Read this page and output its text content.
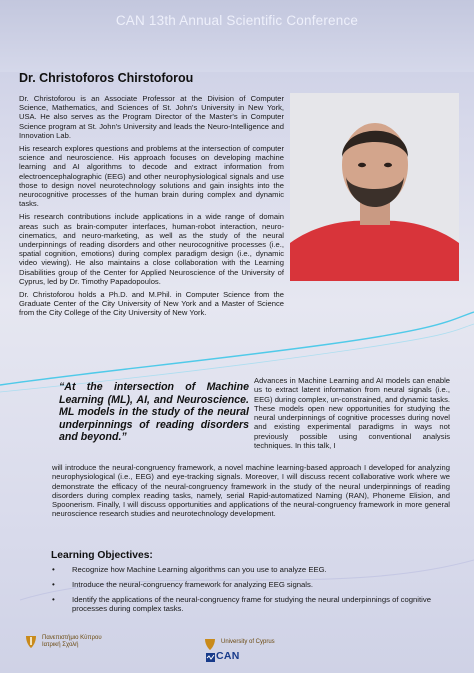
CAN 13th Annual Scientific Conference
Dr. Christoforos Chirstoforou

Dr. Christoforou is an Associate Professor at the Division of Computer Science, Mathematics, and Sciences of St. John's University in New York, USA. He also serves as the Program Director of the Master's in Computer Science program at St. John's University and leads the Neuro-Intelligence and Innovation Lab.

His research explores questions and problems at the intersection of computer science and neuroscience. His approach focuses on developing machine learning and AI algorithms to decode and extract information from electroencephalographic (EEG) and other neurophysiological signals and use those to design novel neurotechnology solutions and gain insights into the neurocognitive processes of the human brain during complex and dynamic tasks.

His research contributions include applications in a wide range of domain areas such as brain-computer interfaces, human-robot interaction, neuro-cinematics, and neuro-marketing, as well as the study of the neural underpinnings of reading disorders and other neurocognitive processes (i.e., spatial cognition, emotions) during complex paradigm design (i.e., dynamic video viewing). He also maintains a close collaboration with the Learning Disabilities group of the Center for Applied Neuroscience of the University of Cyprus, led by Dr. Timothy Papadopoulos.

Dr. Christoforou holds a Ph.D. and M.Phil. in Computer Science from the Graduate Center of the City University of New York and a Master of Science from the City College of the City University of New York.

“At the intersection of Machine Learning (ML), AI, and Neuroscience. ML models in the study of the neural underpinnings of reading disorders and beyond.”

Advances in Machine Learning and AI models can enable us to extract latent information from neural signals (i.e., EEG) during complex, un-constrained, and dynamic tasks. These models open new opportunities for studying the neural underpinnings of cognitive processes during novel and existing experimental paradigms in ways not previously possible using conventional analysis techniques. In this talk, I

will introduce the neural-congruency framework, a novel machine learning-based approach I developed for analyzing neurophysiological (i.e., EEG) and eye-tracking signals. Moreover, I will discuss recent collaborative work where we demonstrate the efficacy of the neural-congruency framework in the study of the neural underpinnings of reading disorders during complex reading tasks, namely, serial Rapid-automatized Naming (RAN), Phoneme Elision, and Spoonerism. Finally, I will discuss opportunities and applications of the neural-congruency framework in more general neuroscience research studies and neurotechnology development.

Learning Objectives:
• Recognize how Machine Learning algorithms can you use to analyze EEG.
• Introduce the neural-congruency framework for analyzing EEG signals.
• Identify the applications of the neural-congruency frame for studying the neural underpinnings of cognitive processes during complex tasks.
Πανεπιστήμιο Κύπρου
Ιατρική Σχολή	University of Cyprus
CAN
